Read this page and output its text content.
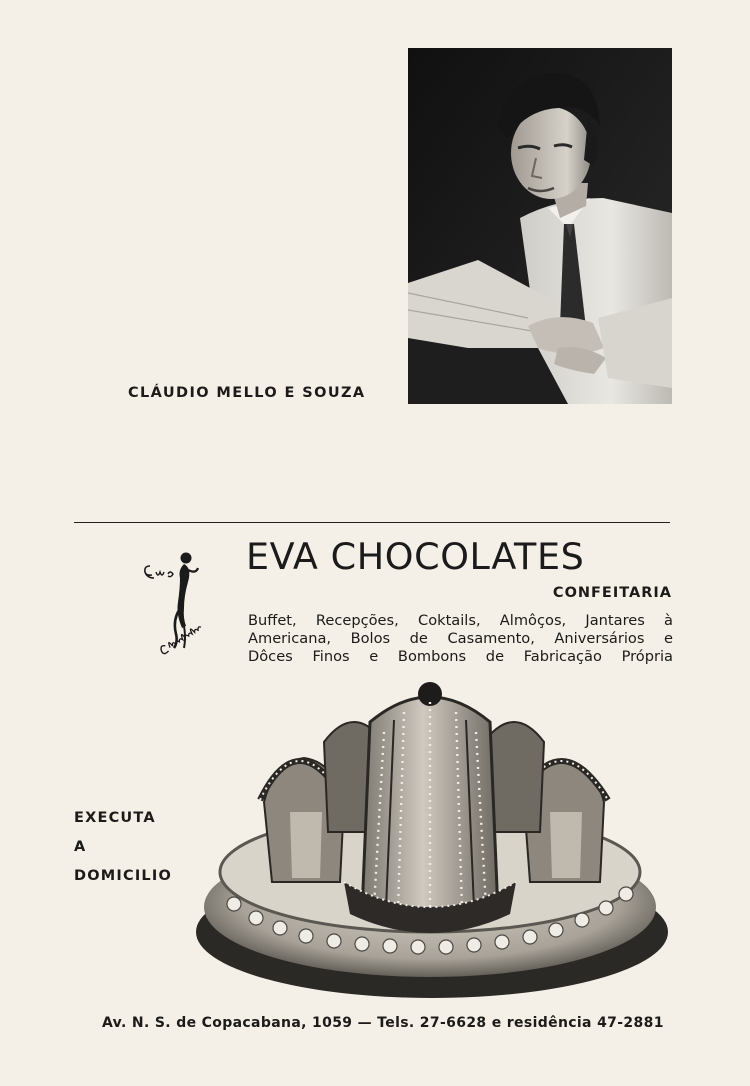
CLÁUDIO MELLO E SOUZA
EVA CHOCOLATES
CONFEITARIA
Buffet, Recepções, Coktails, Almôços, Jantares à
Americana, Bolos de Casamento, Aniversários e
Dôces Finos e Bombons de Fabricação Própria
EXECUTA
A
DOMICILIO
Av. N. S. de Copacabana, 1059 — Tels. 27-6628 e residência 47-2881
